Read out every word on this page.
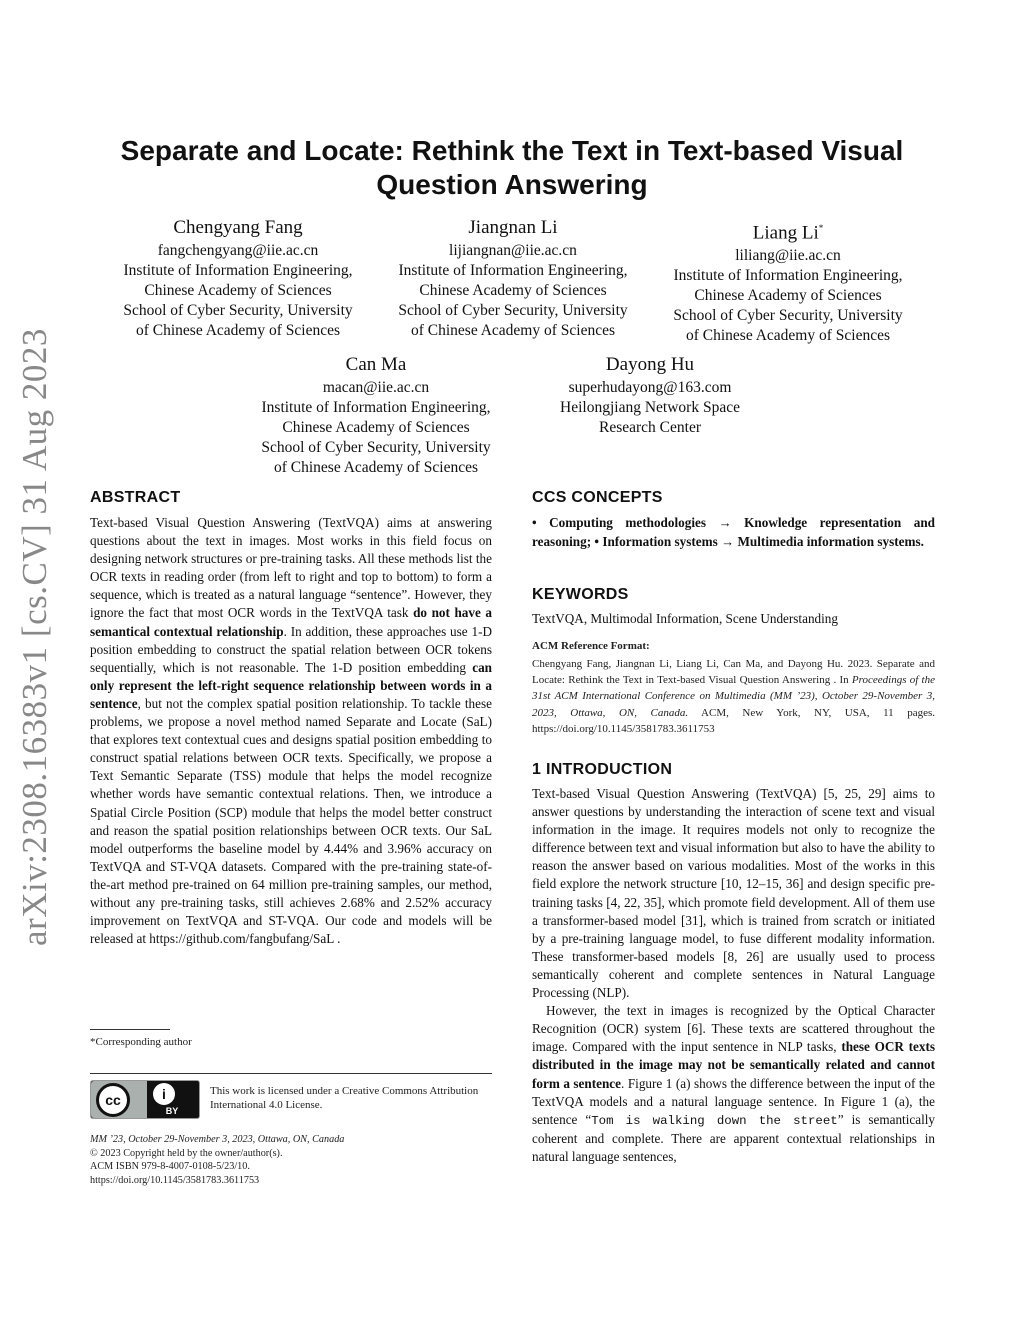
arXiv:2308.16383v1 [cs.CV] 31 Aug 2023
Separate and Locate: Rethink the Text in Text-based Visual Question Answering
Chengyang Fang
fangchengyang@iie.ac.cn
Institute of Information Engineering,
Chinese Academy of Sciences
School of Cyber Security, University
of Chinese Academy of Sciences
Jiangnan Li
lijiangnan@iie.ac.cn
Institute of Information Engineering,
Chinese Academy of Sciences
School of Cyber Security, University
of Chinese Academy of Sciences
Liang Li*
liliang@iie.ac.cn
Institute of Information Engineering,
Chinese Academy of Sciences
School of Cyber Security, University
of Chinese Academy of Sciences
Can Ma
macan@iie.ac.cn
Institute of Information Engineering,
Chinese Academy of Sciences
School of Cyber Security, University
of Chinese Academy of Sciences
Dayong Hu
superhudayong@163.com
Heilongjiang Network Space
Research Center
ABSTRACT

Text-based Visual Question Answering (TextVQA) aims at answering questions about the text in images. Most works in this field focus on designing network structures or pre-training tasks. All these methods list the OCR texts in reading order (from left to right and top to bottom) to form a sequence, which is treated as a natural language “sentence”. However, they ignore the fact that most OCR words in the TextVQA task do not have a semantical contextual relationship. In addition, these approaches use 1-D position embedding to construct the spatial relation between OCR tokens sequentially, which is not reasonable. The 1-D position embedding can only represent the left-right sequence relationship between words in a sentence, but not the complex spatial position relationship. To tackle these problems, we propose a novel method named Separate and Locate (SaL) that explores text contextual cues and designs spatial position embedding to construct spatial relations between OCR texts. Specifically, we propose a Text Semantic Separate (TSS) module that helps the model recognize whether words have semantic contextual relations. Then, we introduce a Spatial Circle Position (SCP) module that helps the model better construct and reason the spatial position relationships between OCR texts. Our SaL model outperforms the baseline model by 4.44% and 3.96% accuracy on TextVQA and ST-VQA datasets. Compared with the pre-training state-of-the-art method pre-trained on 64 million pre-training samples, our method, without any pre-training tasks, still achieves 2.68% and 2.52% accuracy improvement on TextVQA and ST-VQA. Our code and models will be released at https://github.com/fangbufang/SaL .

*Corresponding author
cc	i
BY
This work is licensed under a Creative Commons Attribution International 4.0 License.
MM ’23, October 29-November 3, 2023, Ottawa, ON, Canada
© 2023 Copyright held by the owner/author(s).
ACM ISBN 979-8-4007-0108-5/23/10.
https://doi.org/10.1145/3581783.3611753
CCS CONCEPTS
• Computing methodologies → Knowledge representation and reasoning; • Information systems → Multimedia information systems.
KEYWORDS
TextVQA, Multimodal Information, Scene Understanding
ACM Reference Format:
Chengyang Fang, Jiangnan Li, Liang Li, Can Ma, and Dayong Hu. 2023. Separate and Locate: Rethink the Text in Text-based Visual Question Answering . In Proceedings of the 31st ACM International Conference on Multimedia (MM ’23), October 29-November 3, 2023, Ottawa, ON, Canada. ACM, New York, NY, USA, 11 pages. https://doi.org/10.1145/3581783.3611753
1 INTRODUCTION

Text-based Visual Question Answering (TextVQA) [5, 25, 29] aims to answer questions by understanding the interaction of scene text and visual information in the image. It requires models not only to recognize the difference between text and visual information but also to have the ability to reason the answer based on various modalities. Most of the works in this field explore the network structure [10, 12–15, 36] and design specific pre-training tasks [4, 22, 35], which promote field development. All of them use a transformer-based model [31], which is trained from scratch or initiated by a pre-training language model, to fuse different modality information. These transformer-based models [8, 26] are usually used to process semantically coherent and complete sentences in Natural Language Processing (NLP).

However, the text in images is recognized by the Optical Character Recognition (OCR) system [6]. These texts are scattered throughout the image. Compared with the input sentence in NLP tasks, these OCR texts distributed in the image may not be semantically related and cannot form a sentence. Figure 1 (a) shows the difference between the input of the TextVQA models and a natural language sentence. In Figure 1 (a), the sentence “Tom is walking down the street” is semantically coherent and complete. There are apparent contextual relationships in natural language sentences,
